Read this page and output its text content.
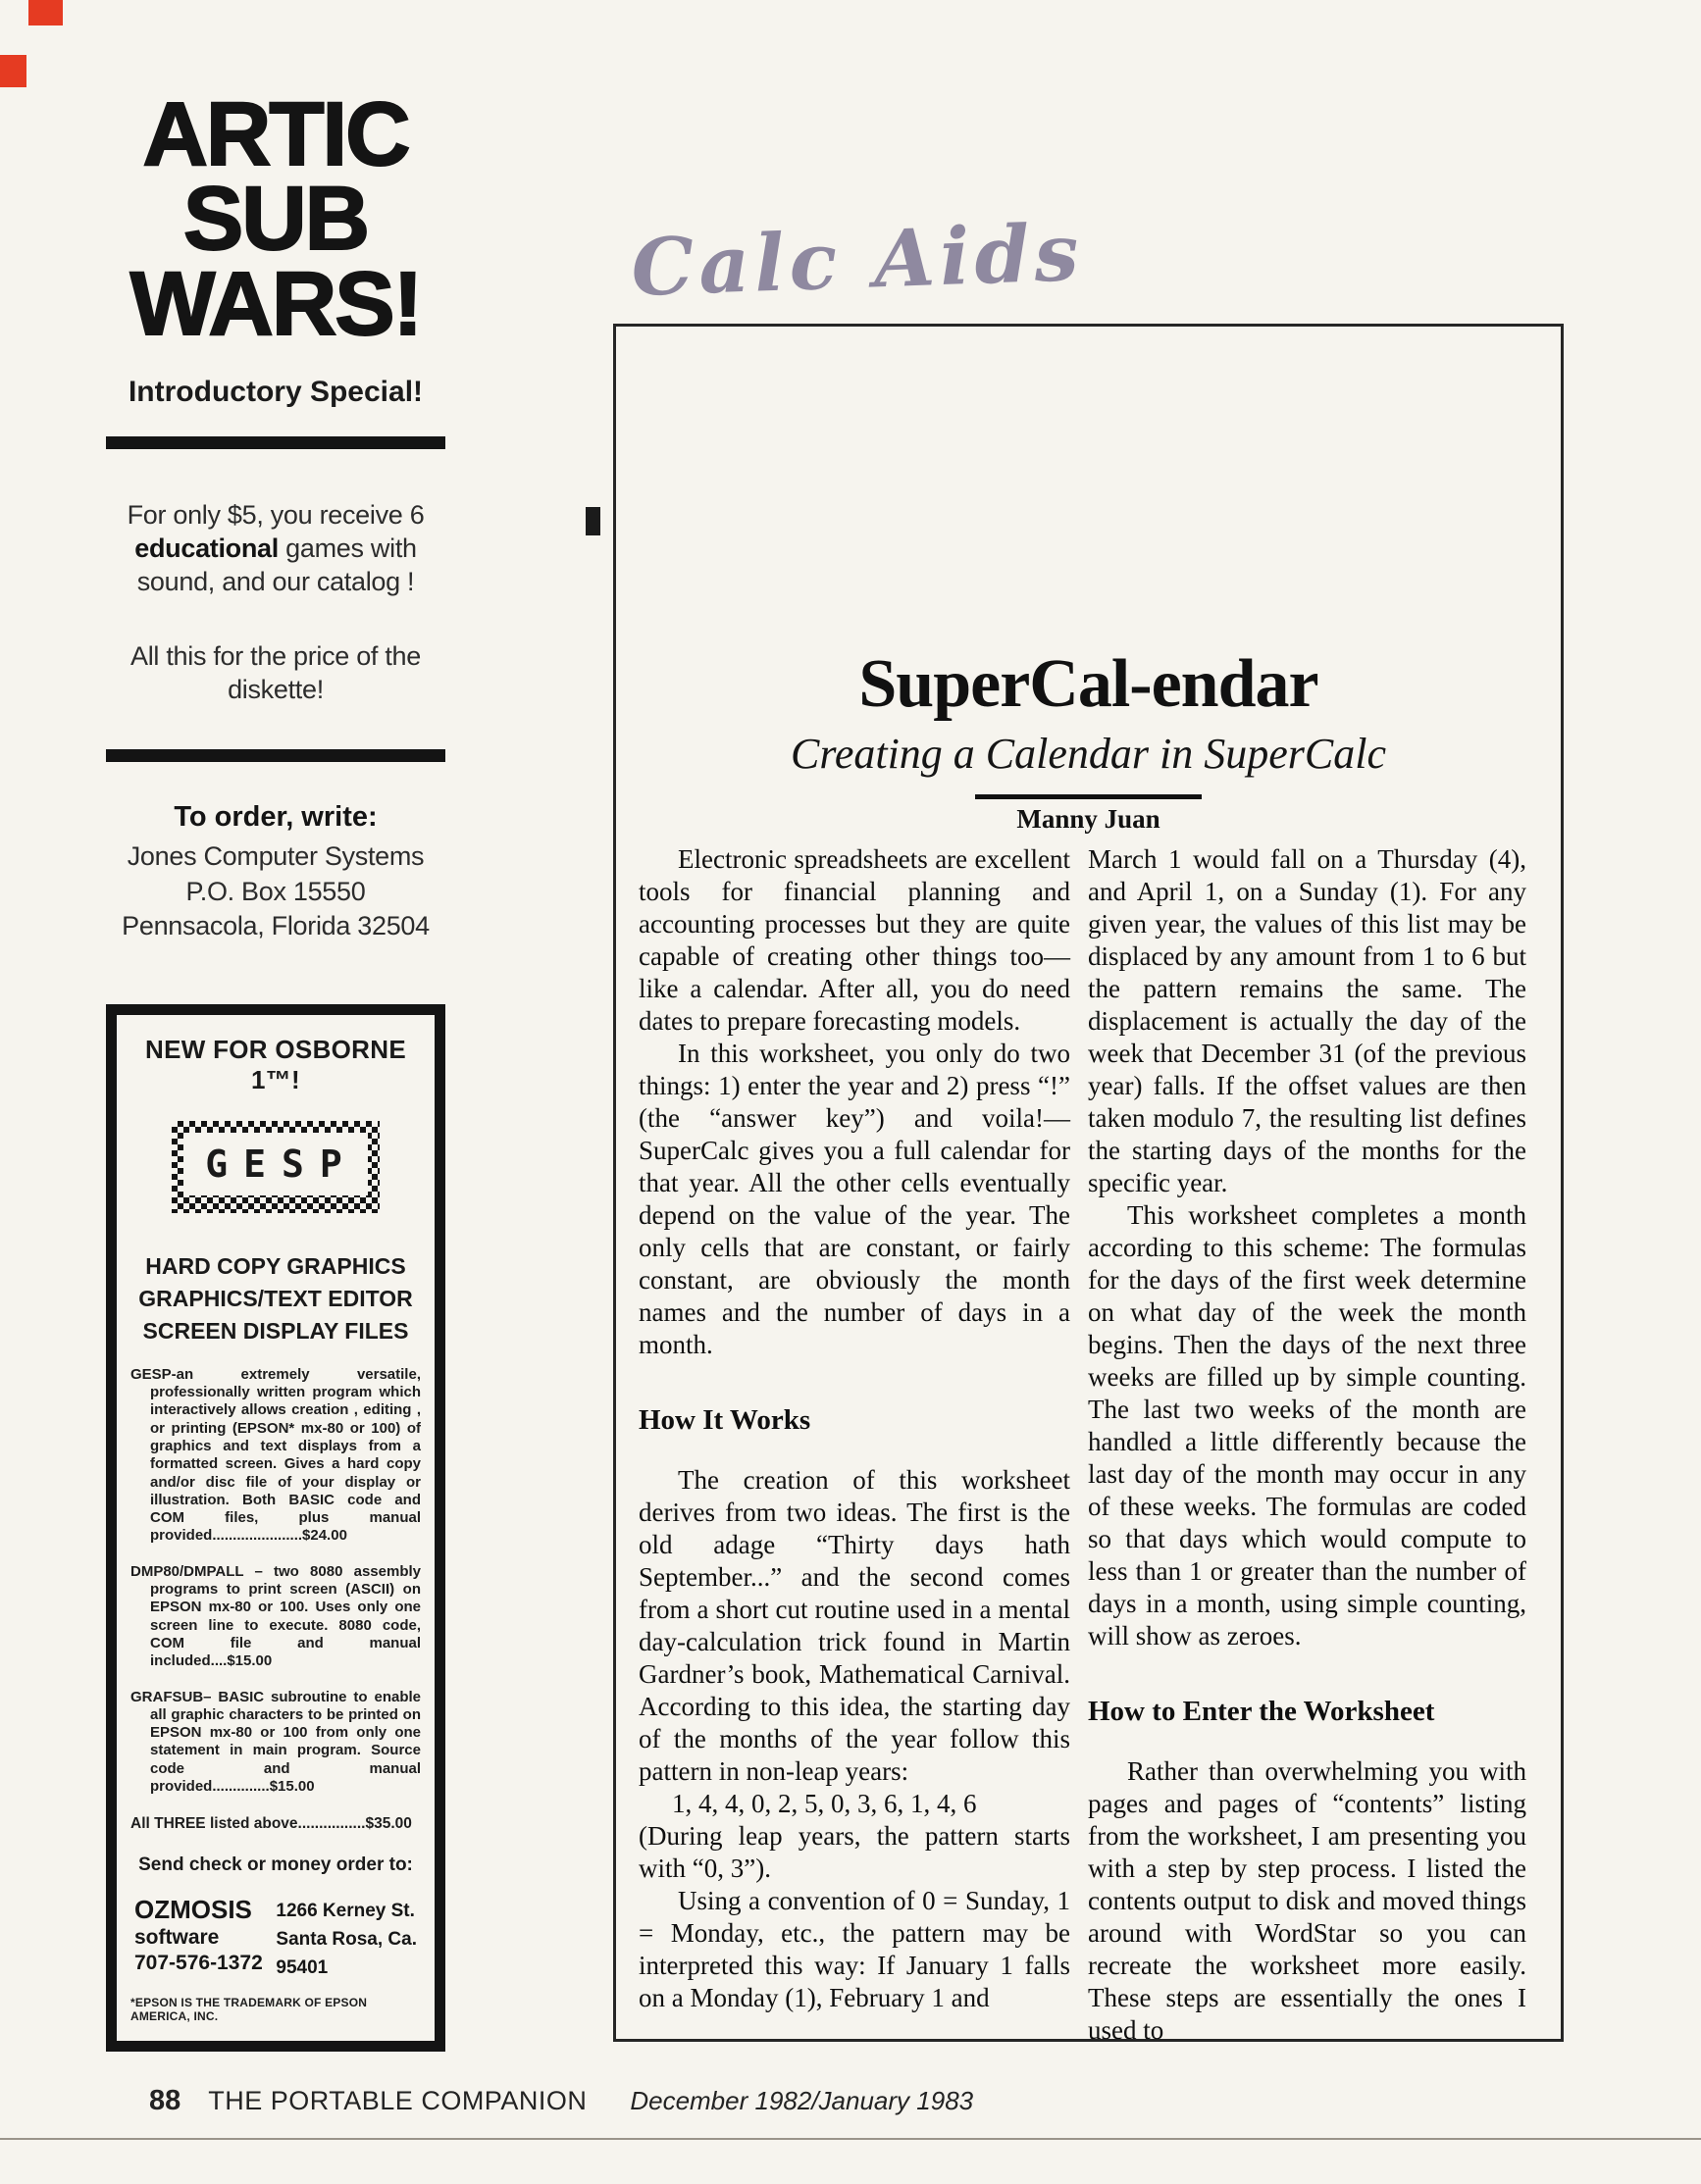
ARTIC
SUB
WARS!
Introductory Special!
For only $5, you receive 6
educational games with
sound, and our catalog !
All this for the price of the
diskette!
To order, write:
Jones Computer Systems
P.O. Box 15550
Pennsacola, Florida 32504
NEW FOR OSBORNE 1™!
GESP
HARD COPY GRAPHICS
GRAPHICS/TEXT EDITOR
SCREEN DISPLAY FILES

GESP-an extremely versatile, professionally written program which interactively allows creation , editing , or printing (EPSON* mx-80 or 100) of graphics and text displays from a formatted screen. Gives a hard copy and/or disc file of your display or illustration. Both BASIC code and COM files, plus manual provided......................$24.00

DMP80/DMPALL – two 8080 assembly programs to print screen (ASCII) on EPSON mx-80 or 100. Uses only one screen line to execute. 8080 code, COM file and manual included....$15.00

GRAFSUB– BASIC subroutine to enable all graphic characters to be printed on EPSON mx-80 or 100 from only one statement in main program. Source code and manual provided..............$15.00

All THREE listed above................$35.00

Send check or money order to:
OZMOSIS
software
707-576-1372
1266 Kerney St.
Santa Rosa, Ca.
95401
*EPSON IS THE TRADEMARK OF EPSON AMERICA, INC.
Calc Aids
SuperCal-endar
Creating a Calendar in SuperCalc
Manny Juan

Electronic spreadsheets are excellent tools for financial planning and accounting processes but they are quite capable of creating other things too—like a calendar. After all, you do need dates to prepare forecasting models.

In this worksheet, you only do two things: 1) enter the year and 2) press “!” (the “answer key”) and voila!—SuperCalc gives you a full calendar for that year. All the other cells eventually depend on the value of the year. The only cells that are constant, or fairly constant, are obviously the month names and the number of days in a month.

How It Works

The creation of this worksheet derives from two ideas. The first is the old adage “Thirty days hath September...” and the second comes from a short cut routine used in a mental day-calculation trick found in Martin Gardner’s book, Mathematical Carnival. According to this idea, the starting day of the months of the year follow this pattern in non-leap years:

1, 4, 4, 0, 2, 5, 0, 3, 6, 1, 4, 6

(During leap years, the pattern starts with “0, 3”).

Using a convention of 0 = Sunday, 1 = Monday, etc., the pattern may be interpreted this way: If January 1 falls on a Monday (1), February 1 and

March 1 would fall on a Thursday (4), and April 1, on a Sunday (1). For any given year, the values of this list may be displaced by any amount from 1 to 6 but the pattern remains the same. The displacement is actually the day of the week that December 31 (of the previous year) falls. If the offset values are then taken modulo 7, the resulting list defines the starting days of the months for the specific year.

This worksheet completes a month according to this scheme: The formulas for the days of the first week determine on what day of the week the month begins. Then the days of the next three weeks are filled up by simple counting. The last two weeks of the month are handled a little differently because the last day of the month may occur in any of these weeks. The formulas are coded so that days which would compute to less than 1 or greater than the number of days in a month, using simple counting, will show as zeroes.

How to Enter the Worksheet

Rather than overwhelming you with pages and pages of “contents” listing from the worksheet, I am presenting you with a step by step process. I listed the contents output to disk and moved things around with WordStar so you can recreate the worksheet more easily. These steps are essentially the ones I used to

88 THE PORTABLE COMPANION December 1982/January 1983
